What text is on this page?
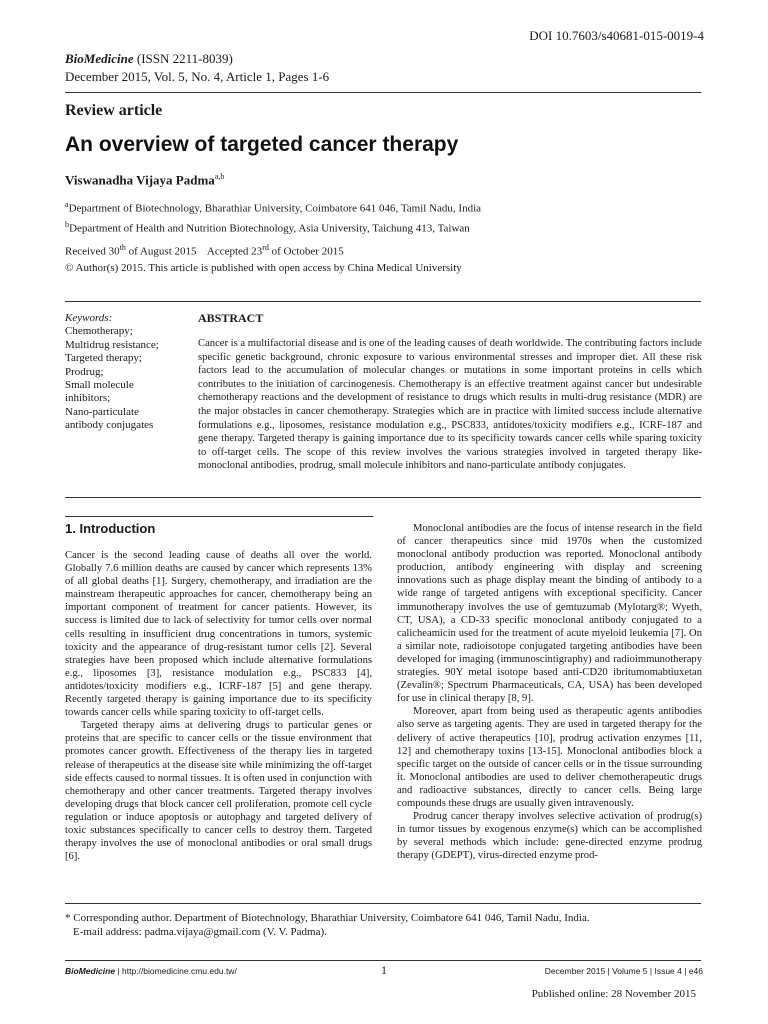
DOI 10.7603/s40681-015-0019-4
BioMedicine (ISSN 2211-8039)
December 2015, Vol. 5, No. 4, Article 1, Pages 1-6
Review article
An overview of targeted cancer therapy
Viswanadha Vijaya Padma$^{a,b}$
$^a$Department of Biotechnology, Bharathiar University, Coimbatore 641 046, Tamil Nadu, India
$^b$Department of Health and Nutrition Biotechnology, Asia University, Taichung 413, Taiwan
Received 30th of August 2015    Accepted 23rd of October 2015
© Author(s) 2015. This article is published with open access by China Medical University
Keywords:
Chemotherapy;
Multidrug resistance;
Targeted therapy;
Prodrug;
Small molecule
inhibitors;
Nano-particulate
antibody conjugates
ABSTRACT
Cancer is a multifactorial disease and is one of the leading causes of death worldwide. The contributing factors include specific genetic background, chronic exposure to various environmental stresses and improper diet. All these risk factors lead to the accumulation of molecular changes or mutations in some important proteins in cells which contributes to the initiation of carcinogenesis. Chemotherapy is an effective treatment against cancer but undesirable chemotherapy reactions and the development of resistance to drugs which results in multi-drug resistance (MDR) are the major obstacles in cancer chemotherapy. Strategies which are in practice with limited success include alternative formulations e.g., liposomes, resistance modulation e.g., PSC833, antidotes/toxicity modifiers e.g., ICRF-187 and gene therapy. Targeted therapy is gaining importance due to its specificity towards cancer cells while sparing toxicity to off-target cells. The scope of this review involves the various strategies involved in targeted therapy like-monoclonal antibodies, prodrug, small molecule inhibitors and nano-particulate antibody conjugates.
1. Introduction

Cancer is the second leading cause of deaths all over the world. Globally 7.6 million deaths are caused by cancer which represents 13% of all global deaths [1]. Surgery, chemotherapy, and irradiation are the mainstream therapeutic approaches for cancer, chemotherapy being an important component of treatment for cancer patients. However, its success is limited due to lack of selectivity for tumor cells over normal cells resulting in insufficient drug concentrations in tumors, systemic toxicity and the appearance of drug-resistant tumor cells [2]. Several strategies have been proposed which include alternative formulations e.g., liposomes [3], resistance modulation e.g., PSC833 [4], antidotes/toxicity modifiers e.g., ICRF-187 [5] and gene therapy. Recently targeted therapy is gaining importance due to its specificity towards cancer cells while sparing toxicity to off-target cells.

Targeted therapy aims at delivering drugs to particular genes or proteins that are specific to cancer cells or the tissue environment that promotes cancer growth. Effectiveness of the therapy lies in targeted release of therapeutics at the disease site while minimizing the off-target side effects caused to normal tissues. It is often used in conjunction with chemotherapy and other cancer treatments. Targeted therapy involves developing drugs that block cancer cell proliferation, promote cell cycle regulation or induce apoptosis or autophagy and targeted delivery of toxic substances specifically to cancer cells to destroy them. Targeted therapy involves the use of monoclonal antibodies or oral small drugs [6].

Monoclonal antibodies are the focus of intense research in the field of cancer therapeutics since mid 1970s when the customized monoclonal antibody production was reported. Monoclonal antibody production, antibody engineering with display and screening innovations such as phage display meant the binding of antibody to a wide range of targeted antigens with exceptional specificity. Cancer immunotherapy involves the use of gemtuzumab (Mylotarg®; Wyeth, CT, USA), a CD-33 specific monoclonal antibody conjugated to a calicheamicin used for the treatment of acute myeloid leukemia [7]. On a similar note, radioisotope conjugated targeting antibodies have been developed for imaging (immunoscintigraphy) and radioimmunotherapy strategies. 90Y metal isotope based anti-CD20 ibritumomabtiuxetan (Zevalin®; Spectrum Pharmaceuticals, CA, USA) has been developed for use in clinical therapy [8, 9].

Moreover, apart from being used as therapeutic agents antibodies also serve as targeting agents. They are used in targeted therapy for the delivery of active therapeutics [10], prodrug activation enzymes [11, 12] and chemotherapy toxins [13-15]. Monoclonal antibodies block a specific target on the outside of cancer cells or in the tissue surrounding it. Monoclonal antibodies are used to deliver chemotherapeutic drugs and radioactive substances, directly to cancer cells. Being large compounds these drugs are usually given intravenously.

Prodrug cancer therapy involves selective activation of prodrug(s) in tumor tissues by exogenous enzyme(s) which can be accomplished by several methods which include: gene-directed enzyme prodrug therapy (GDEPT), virus-directed enzyme prod-

* Corresponding author. Department of Biotechnology, Bharathiar University, Coimbatore 641 046, Tamil Nadu, India.
E-mail address: padma.vijaya@gmail.com (V. V. Padma).
BioMedicine | http://biomedicine.cmu.edu.tw/	1	December 2015 | Volume 5 | Issue 4 | e46
Published online: 28 November 2015
